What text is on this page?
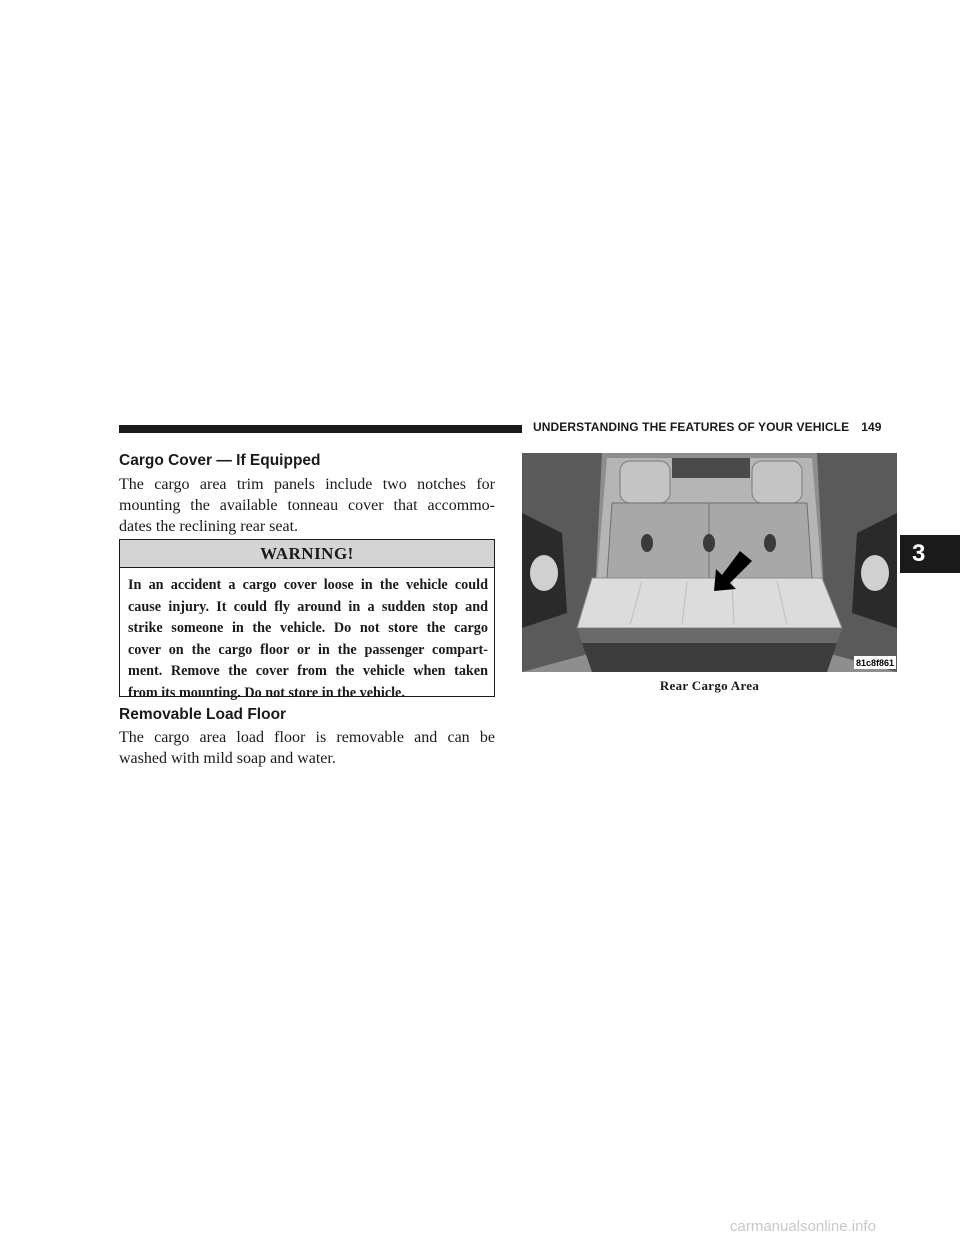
UNDERSTANDING THE FEATURES OF YOUR VEHICLE 149
Cargo Cover — If Equipped
The cargo area trim panels include two notches for
mounting the available tonneau cover that accommo-
dates the reclining rear seat.
WARNING!
In an accident a cargo cover loose in the vehicle could
cause injury. It could fly around in a sudden stop and
strike someone in the vehicle. Do not store the cargo
cover on the cargo floor or in the passenger compart-
ment. Remove the cover from the vehicle when taken
from its mounting. Do not store in the vehicle.
Removable Load Floor
The cargo area load floor is removable and can be
washed with mild soap and water.
81c8f861
Rear Cargo Area
3
carmanualsonline.info
